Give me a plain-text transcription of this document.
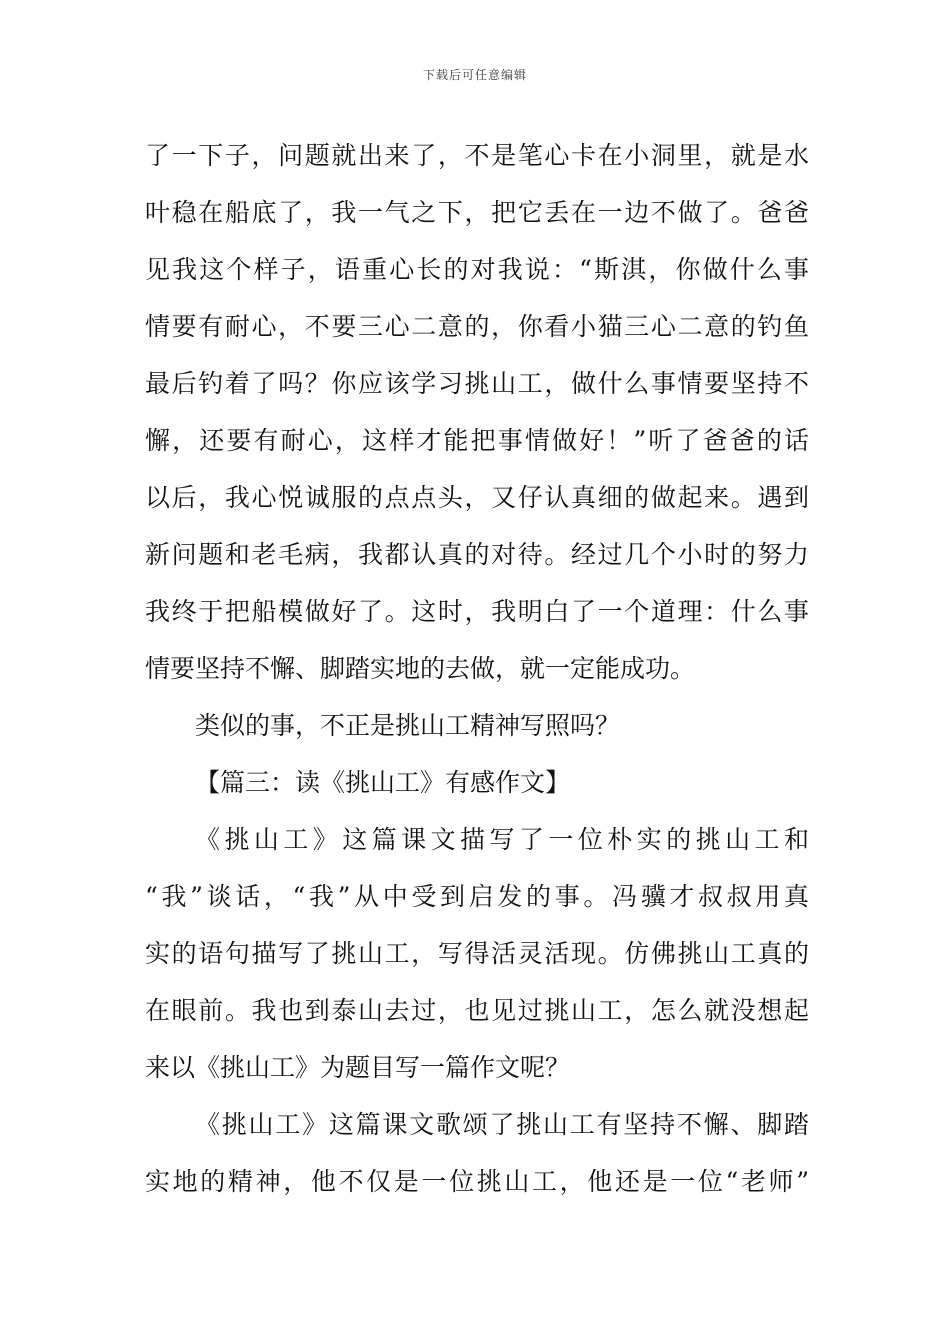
下载后可任意编辑
了一下子，问题就出来了，不是笔心卡在小洞里，就是水
叶稳在船底了，我一气之下，把它丢在一边不做了。爸爸
见我这个样子，语重心长的对我说：“斯淇，你做什么事
情要有耐心，不要三心二意的，你看小猫三心二意的钓鱼
最后钓着了吗？你应该学习挑山工，做什么事情要坚持不
懈，还要有耐心，这样才能把事情做好！”听了爸爸的话
以后，我心悦诚服的点点头，又仔认真细的做起来。遇到
新问题和老毛病，我都认真的对待。经过几个小时的努力
我终于把船模做好了。这时，我明白了一个道理：什么事
情要坚持不懈、脚踏实地的去做，就一定能成功。
类似的事，不正是挑山工精神写照吗？
【篇三：读《挑山工》有感作文】
《挑山工》这篇课文描写了一位朴实的挑山工和
“我”谈话，“我”从中受到启发的事。冯骥才叔叔用真
实的语句描写了挑山工，写得活灵活现。仿佛挑山工真的
在眼前。我也到泰山去过，也见过挑山工，怎么就没想起
来以《挑山工》为题目写一篇作文呢？
《挑山工》这篇课文歌颂了挑山工有坚持不懈、脚踏
实地的精神，他不仅是一位挑山工，他还是一位“老师”
